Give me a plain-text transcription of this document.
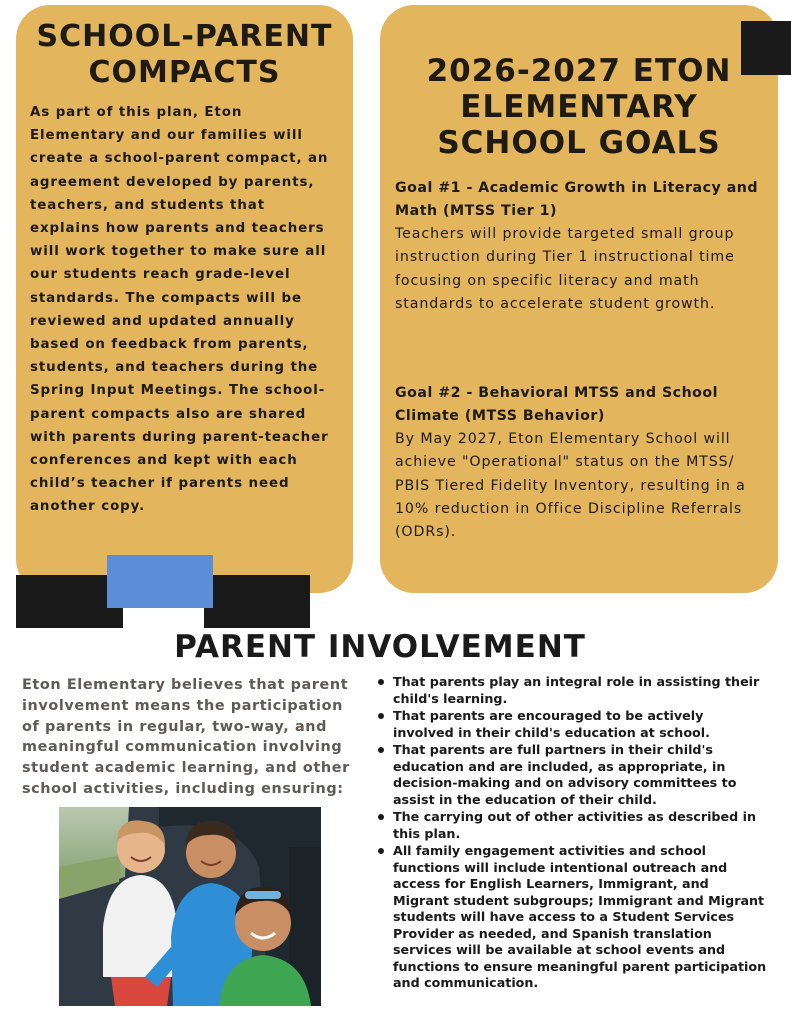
SCHOOL-PARENT
COMPACTS

As part of this plan, Eton Elementary and our families will create a school-parent compact, an agreement developed by parents, teachers, and students that explains how parents and teachers will work together to make sure all our students reach grade-level standards. The compacts will be reviewed and updated annually based on feedback from parents, students, and teachers during the Spring Input Meetings. The school-parent compacts also are shared with parents during parent-teacher conferences and kept with each child’s teacher if parents need another copy.

2026-2027 ETON
ELEMENTARY
SCHOOL GOALS
Goal #1 - Academic Growth in Literacy and Math (MTSS Tier 1)

Teachers will provide targeted small group instruction during Tier 1 instructional time focusing on specific literacy and math standards to accelerate student growth.

Goal #2 - Behavioral MTSS and School Climate (MTSS Behavior)

By May 2027, Eton Elementary School will achieve "Operational" status on the MTSS/ PBIS Tiered Fidelity Inventory, resulting in a 10% reduction in Office Discipline Referrals (ODRs).

PARENT INVOLVEMENT

Eton Elementary believes that parent involvement means the participation of parents in regular, two-way, and meaningful communication involving student academic learning, and other school activities, including ensuring:

That parents play an integral role in assisting their child's learning.
That parents are encouraged to be actively involved in their child's education at school.
That parents are full partners in their child's education and are included, as appropriate, in decision-making and on advisory committees to assist in the education of their child.
The carrying out of other activities as described in this plan.
All family engagement activities and school functions will include intentional outreach and access for English Learners, Immigrant, and Migrant student subgroups; Immigrant and Migrant students will have access to a Student Services Provider as needed, and Spanish translation services will be available at school events and functions to ensure meaningful parent participation and communication.
